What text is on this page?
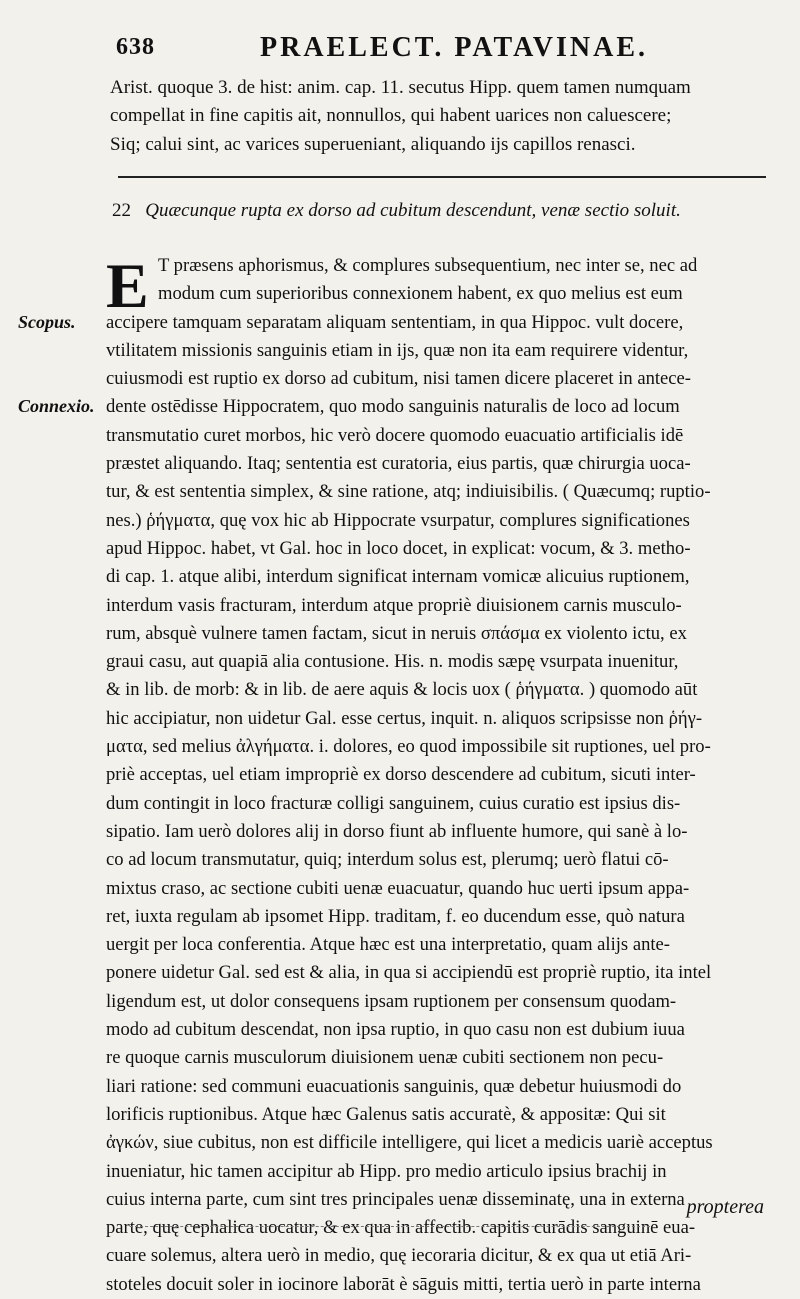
638	PRAELECT. PATAVINAE.
Arist. quoque 3. de hist: anim. cap. 11. secutus Hipp. quem tamen numquam
compellat in fine capitis ait, nonnullos, qui habent uarices non caluescere;
Siq; calui sint, ac varices superueniant, aliquando ijs capillos renasci.
22 Quæcunque rupta ex dorso ad cubitum descendunt, venæ sectio soluit.
E
Scopus.
Connexio.
T præsens aphorismus, & complures subsequentium, nec inter se, nec ad
modum cum superioribus connexionem habent, ex quo melius est eum
accipere tamquam separatam aliquam sententiam, in qua Hippoc. vult docere,
vtilitatem missionis sanguinis etiam in ijs, quæ non ita eam requirere videntur,
cuiusmodi est ruptio ex dorso ad cubitum, nisi tamen dicere placeret in antece-
dente ostēdisse Hippocratem, quo modo sanguinis naturalis de loco ad locum
transmutatio curet morbos, hic verò docere quomodo euacuatio artificialis idē
præstet aliquando. Itaq; sententia est curatoria, eius partis, quæ chirurgia uoca-
tur, & est sententia simplex, & sine ratione, atq; indiuisibilis. ( Quæcumq; ruptio-
nes.) ῥήγματα, quę vox hic ab Hippocrate vsurpatur, complures significationes
apud Hippoc. habet, vt Gal. hoc in loco docet, in explicat: vocum, & 3. metho-
di cap. 1. atque alibi, interdum significat internam vomicæ alicuius ruptionem,
interdum vasis fracturam, interdum atque propriè diuisionem carnis musculo-
rum, absquè vulnere tamen factam, sicut in neruis σπάσμα ex violento ictu, ex
graui casu, aut quapiā alia contusione. His. n. modis sæpę vsurpata inuenitur,
& in lib. de morb: & in lib. de aere aquis & locis uox ( ῥήγματα. ) quomodo aūt
hic accipiatur, non uidetur Gal. esse certus, inquit. n. aliquos scripsisse non ῥήγ-
ματα, sed melius ἀλγήματα. i. dolores, eo quod impossibile sit ruptiones, uel pro-
priè acceptas, uel etiam impropriè ex dorso descendere ad cubitum, sicuti inter-
dum contingit in loco fracturæ colligi sanguinem, cuius curatio est ipsius dis-
sipatio. Iam uerò dolores alij in dorso fiunt ab influente humore, qui sanè à lo-
co ad locum transmutatur, quiq; interdum solus est, plerumq; uerò flatui cō-
mixtus craso, ac sectione cubiti uenæ euacuatur, quando huc uerti ipsum appa-
ret, iuxta regulam ab ipsomet Hipp. traditam, f. eo ducendum esse, quò natura
uergit per loca conferentia. Atque hæc est una interpretatio, quam alijs ante-
ponere uidetur Gal. sed est & alia, in qua si accipiendū est propriè ruptio, ita intel
ligendum est, ut dolor consequens ipsam ruptionem per consensum quodam-
modo ad cubitum descendat, non ipsa ruptio, in quo casu non est dubium iuua
re quoque carnis musculorum diuisionem uenæ cubiti sectionem non pecu-
liari ratione: sed communi euacuationis sanguinis, quæ debetur huiusmodi do
lorificis ruptionibus. Atque hæc Galenus satis accuratè, & appositæ: Qui sit
ἀγκών, siue cubitus, non est difficile intelligere, qui licet a medicis uariè acceptus
inueniatur, hic tamen accipitur ab Hipp. pro medio articulo ipsius brachij in
cuius interna parte, cum sint tres principales uenæ disseminatę, una in externa
parte, quę cephalica uocatur, & ex qua in affectib. capitis curādis sanguinē eua-
cuare solemus, altera uerò in medio, quę iecoraria dicitur, & ex qua ut etiā Ari-
stoteles docuit soler in iocinore laborāt è sāguis mitti, tertia uerò in parte interna
propterea
